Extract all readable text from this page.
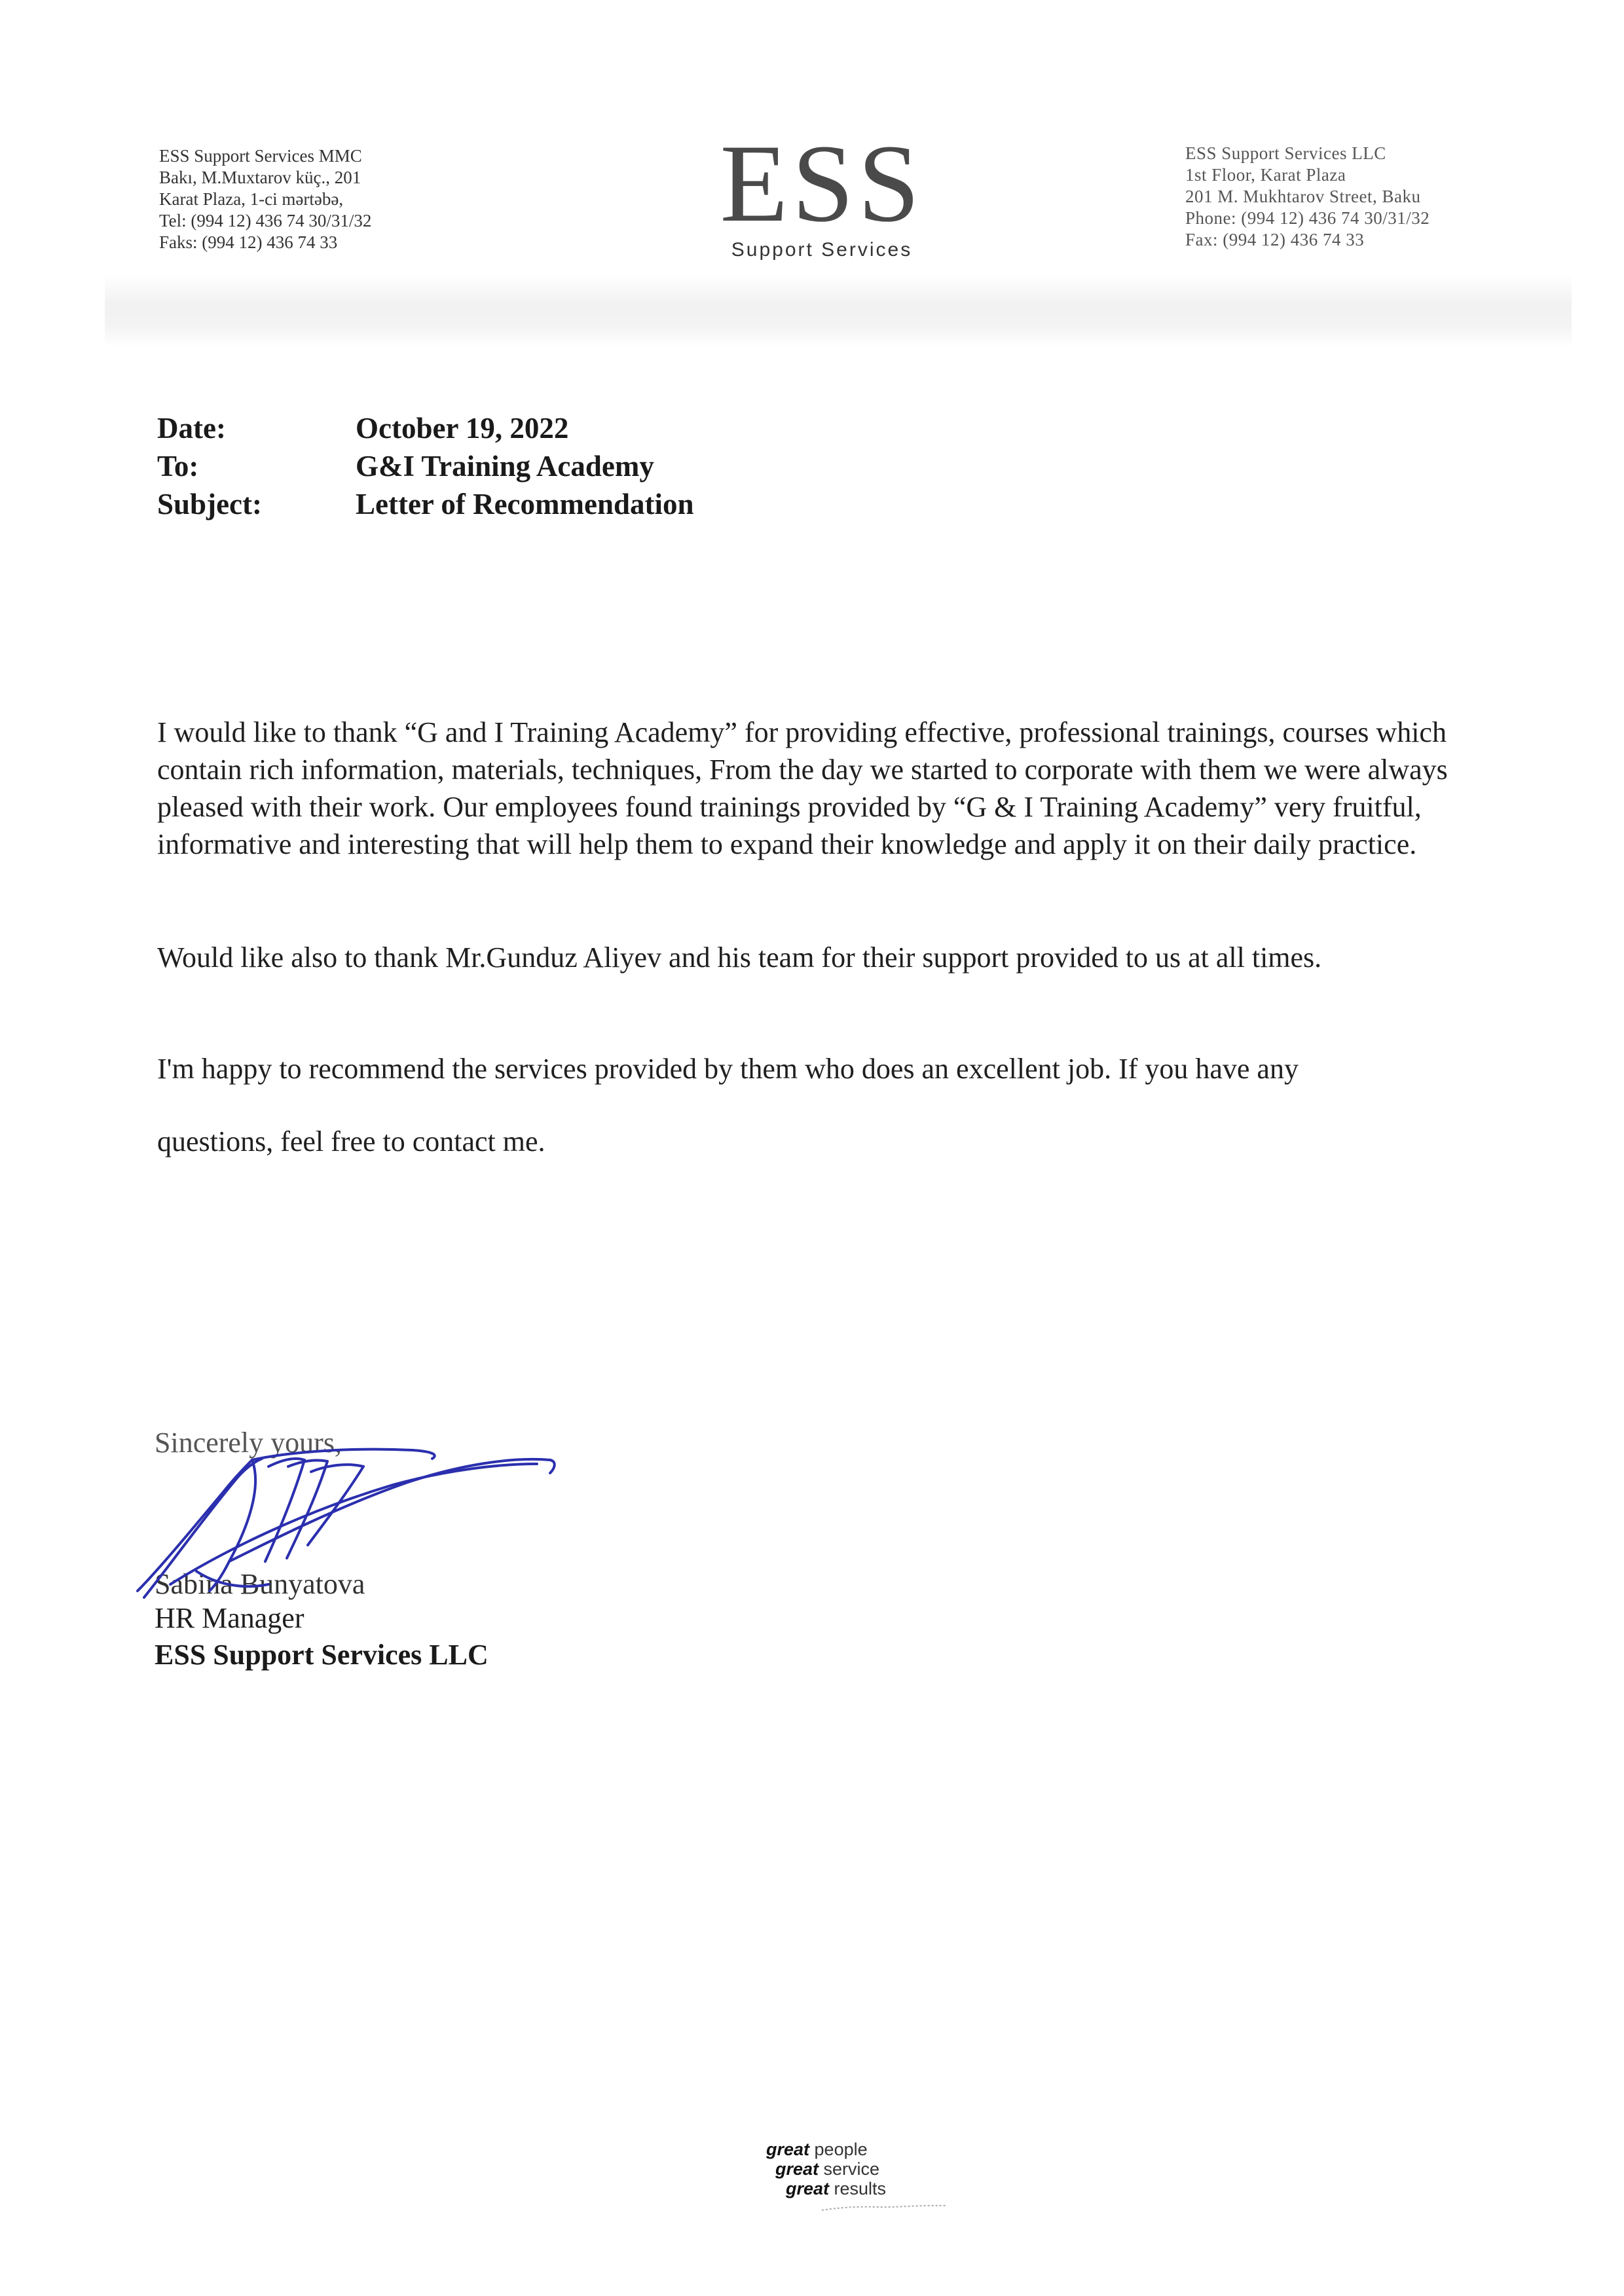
ESS Support Services MMC
Bakı, M.Muxtarov küç., 201
Karat Plaza, 1-ci mərtəbə,
Tel: (994 12) 436 74 30/31/32
Faks: (994 12) 436 74 33	ESS
Support Services
ESS Support Services LLC
1st Floor, Karat Plaza
201 M. Mukhtarov Street, Baku
Phone: (994 12) 436 74 30/31/32
Fax: (994 12) 436 74 33
Date:	October 19, 2022
To:	G&I Training Academy
Subject:	Letter of Recommendation
I would like to thank “G and I Training Academy” for providing effective, professional trainings, courses which contain rich information, materials, techniques, From the day we started to corporate with them we were always pleased with their work. Our employees found trainings provided by “G & I Training Academy” very fruitful, informative and interesting that will help them to expand their knowledge and apply it on their daily practice.
Would like also to thank Mr.Gunduz Aliyev and his team for their support provided to us at all times.
I'm happy to recommend the services provided by them who does an excellent job. If you have any
questions, feel free to contact me.
Sincerely yours,
Sabina Bunyatova
HR Manager
ESS Support Services LLC
great people
great service
great results
